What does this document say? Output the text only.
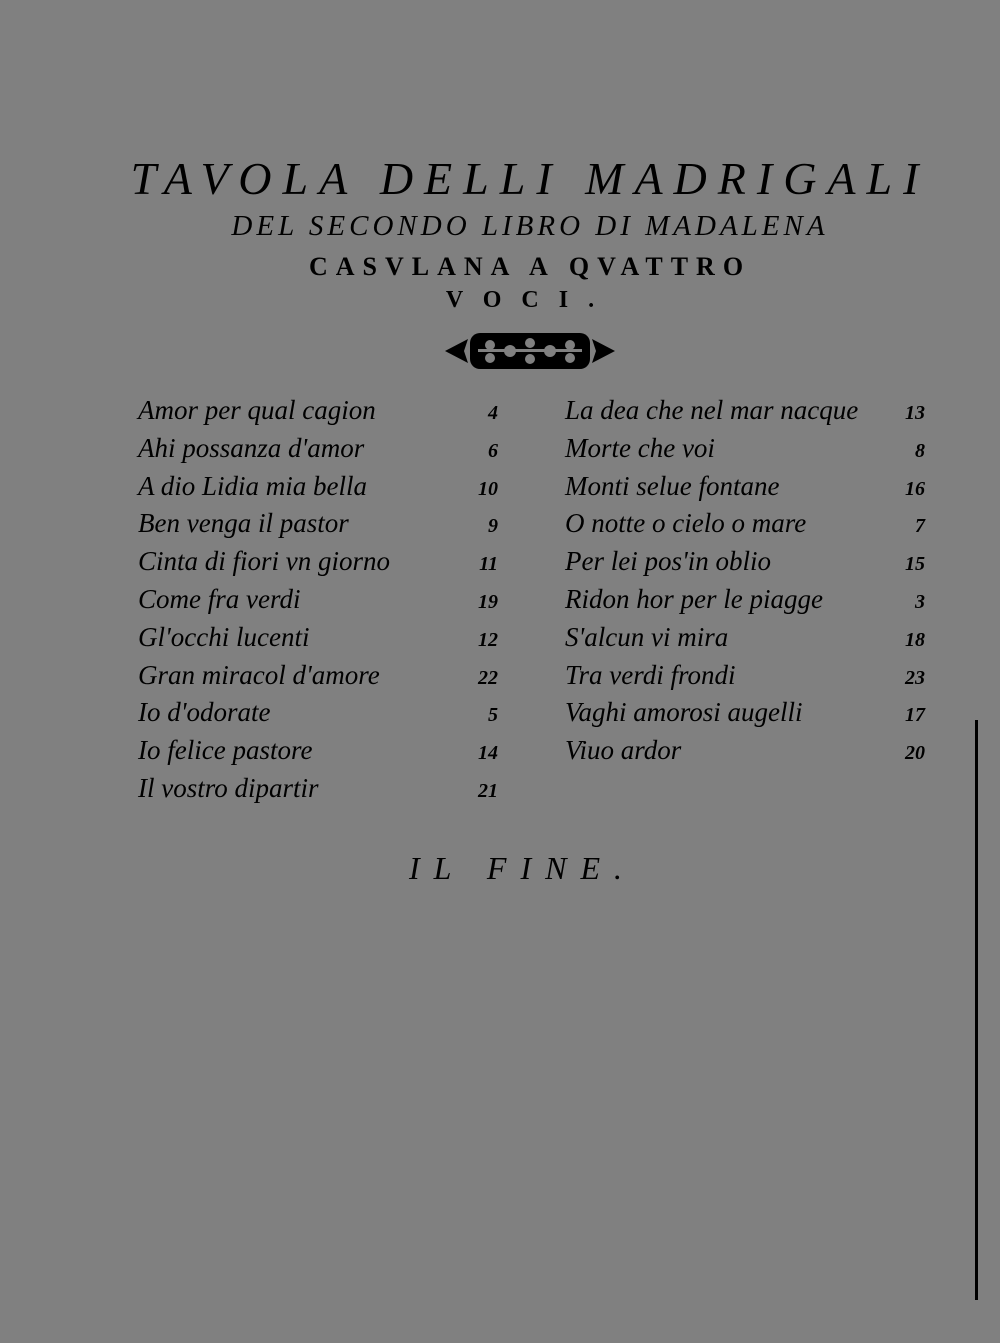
TAVOLA DELLI MADRIGALI
DEL SECONDO LIBRO DI MADALENA
CASVLANA A QVATTRO
VOCI.
Amor per qual cagion	4
Ahi possanza d'amor	6
A dio Lidia mia bella	10
Ben venga il pastor	9
Cinta di fiori vn giorno	11
Come fra verdi	19
Gl'occhi lucenti	12
Gran miracol d'amore	22
Io d'odorate	5
Io felice pastore	14
Il vostro dipartir	21
La dea che nel mar nacque	13
Morte che voi	8
Monti selue fontane	16
O notte o cielo o mare	7
Per lei pos'in oblio	15
Ridon hor per le piagge	3
S'alcun vi mira	18
Tra verdi frondi	23
Vaghi amorosi augelli	17
Viuo ardor	20
IL FINE.
